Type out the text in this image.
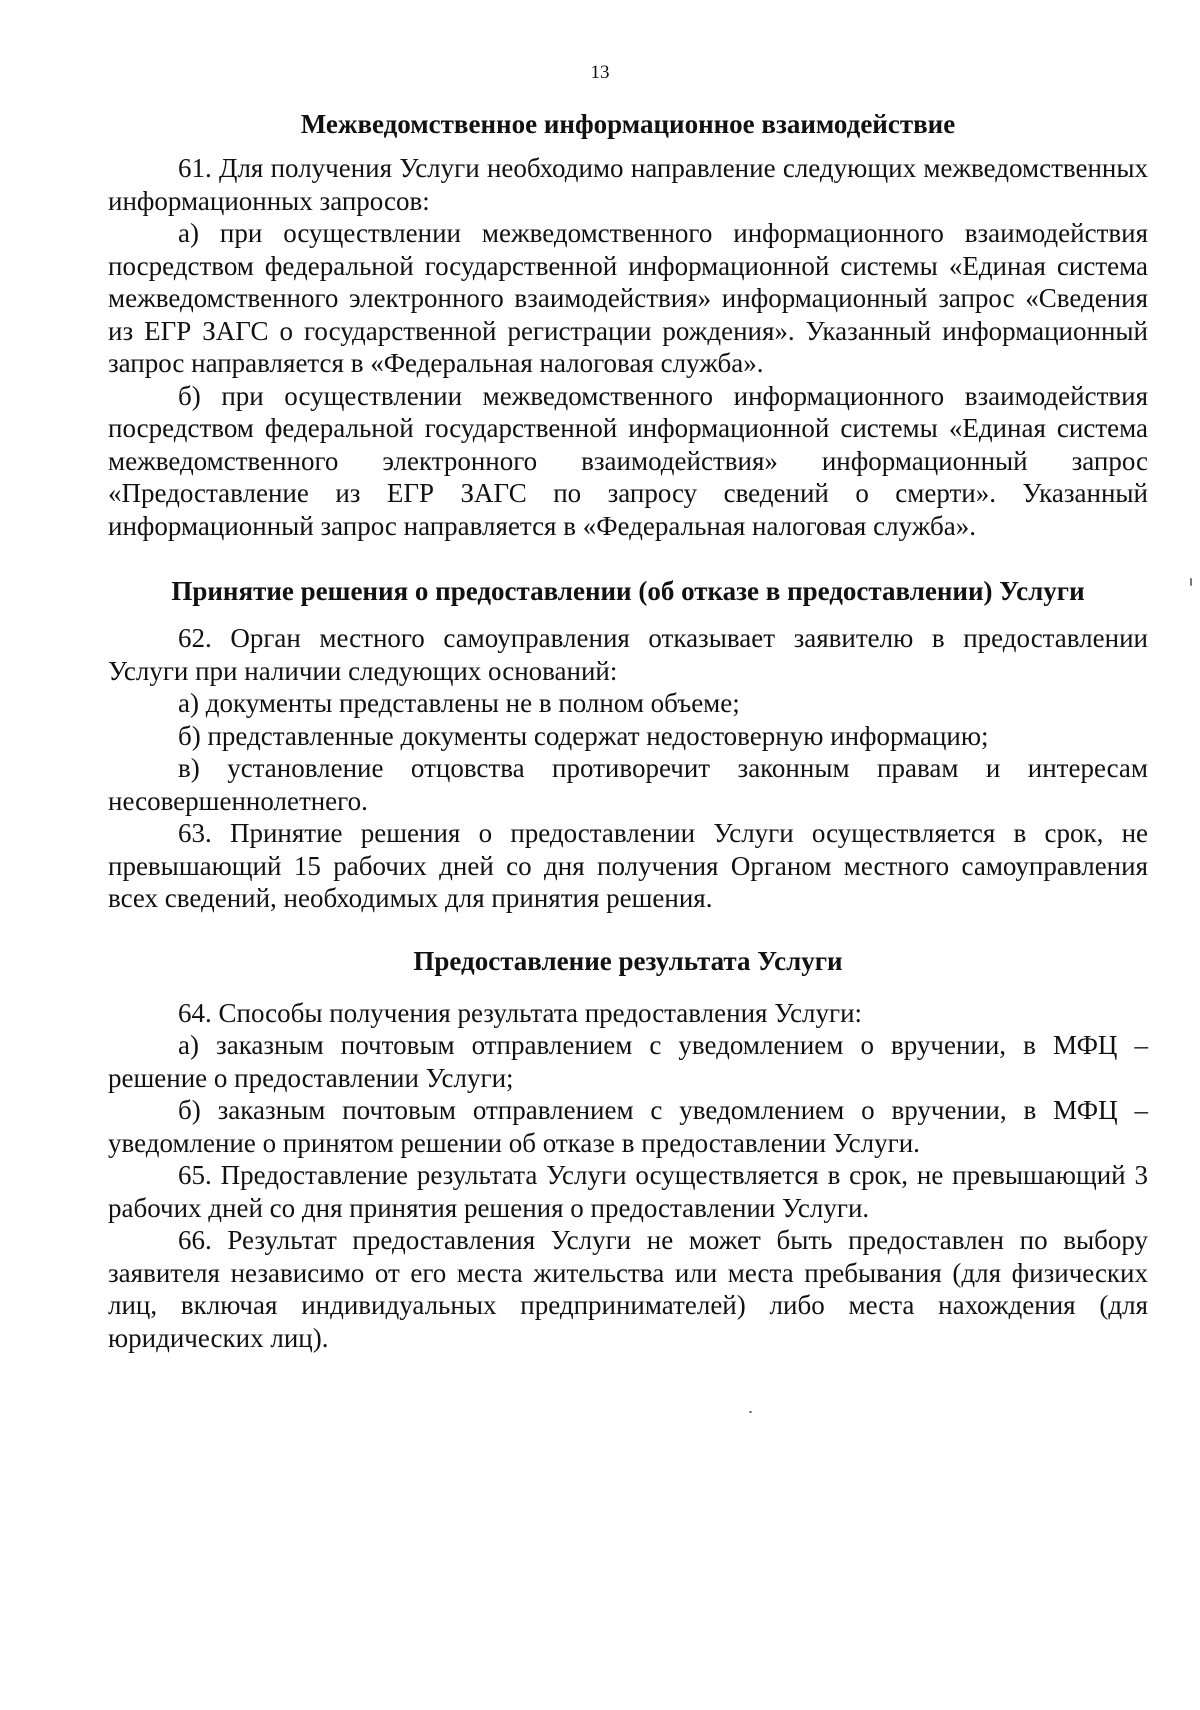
13
Межведомственное информационное взаимодействие

61. Для получения Услуги необходимо направление следующих межведомственных информационных запросов:

а) при осуществлении межведомственного информационного взаимодействия посредством федеральной государственной информационной системы «Единая система межведомственного электронного взаимодействия» информационный запрос «Сведения из ЕГР ЗАГС о государственной регистрации рождения». Указанный информационный запрос направляется в «Федеральная налоговая служба».

б) при осуществлении межведомственного информационного взаимодействия посредством федеральной государственной информационной системы «Единая система межведомственного электронного взаимодействия» информационный запрос «Предоставление из ЕГР ЗАГС по запросу сведений о смерти». Указанный информационный запрос направляется в «Федеральная налоговая служба».

Принятие решения о предоставлении (об отказе в предоставлении) Услуги

62. Орган местного самоуправления отказывает заявителю в предоставлении Услуги при наличии следующих оснований:

а) документы представлены не в полном объеме;

б) представленные документы содержат недостоверную информацию;

в) установление отцовства противоречит законным правам и интересам несовершеннолетнего.

63. Принятие решения о предоставлении Услуги осуществляется в срок, не превышающий 15 рабочих дней со дня получения Органом местного самоуправления всех сведений, необходимых для принятия решения.

Предоставление результата Услуги

64. Способы получения результата предоставления Услуги:

а) заказным почтовым отправлением с уведомлением о вручении, в МФЦ – решение о предоставлении Услуги;

б) заказным почтовым отправлением с уведомлением о вручении, в МФЦ – уведомление о принятом решении об отказе в предоставлении Услуги.

65. Предоставление результата Услуги осуществляется в срок, не превышающий 3 рабочих дней со дня принятия решения о предоставлении Услуги.

66. Результат предоставления Услуги не может быть предоставлен по выбору заявителя независимо от его места жительства или места пребывания (для физических лиц, включая индивидуальных предпринимателей) либо места нахождения (для юридических лиц).
